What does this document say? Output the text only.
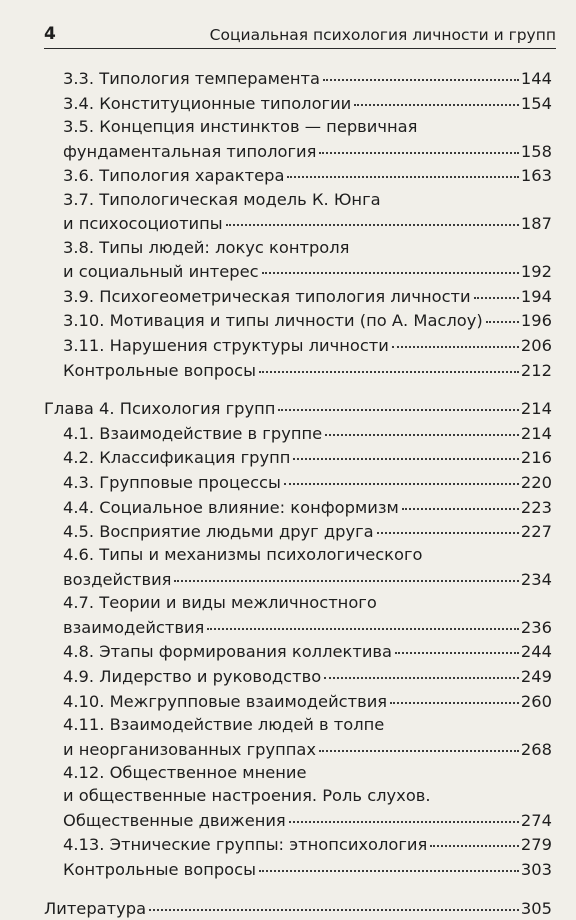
4	Социальная психология личности и групп
3.3. Типология темперамента	144
3.4. Конституционные типологии	154
3.5. Концепция инстинктов — первичная
фундаментальная типология	158
3.6. Типология характера	163
3.7. Типологическая модель К. Юнга
и психосоциотипы	187
3.8. Типы людей: локус контроля
и социальный интерес	192
3.9. Психогеометрическая типология личности	194
3.10. Мотивация и типы личности (по А. Маслоу) 196
3.11. Нарушения структуры личности	206
Контрольные вопросы	212
Глава 4. Психология групп	214
4.1. Взаимодействие в группе	214
4.2. Классификация групп	216
4.3. Групповые процессы	220
4.4. Социальное влияние: конформизм	223
4.5. Восприятие людьми друг друга	227
4.6. Типы и механизмы психологического
воздействия	234
4.7. Теории и виды межличностного
взаимодействия	236
4.8. Этапы формирования коллектива	244
4.9. Лидерство и руководство	249
4.10. Межгрупповые взаимодействия	260
4.11. Взаимодействие людей в толпе
и неорганизованных группах	268
4.12. Общественное мнение
и общественные настроения. Роль слухов.
Общественные движения	274
4.13. Этнические группы: этнопсихология	279
Контрольные вопросы	303
Литература	305
